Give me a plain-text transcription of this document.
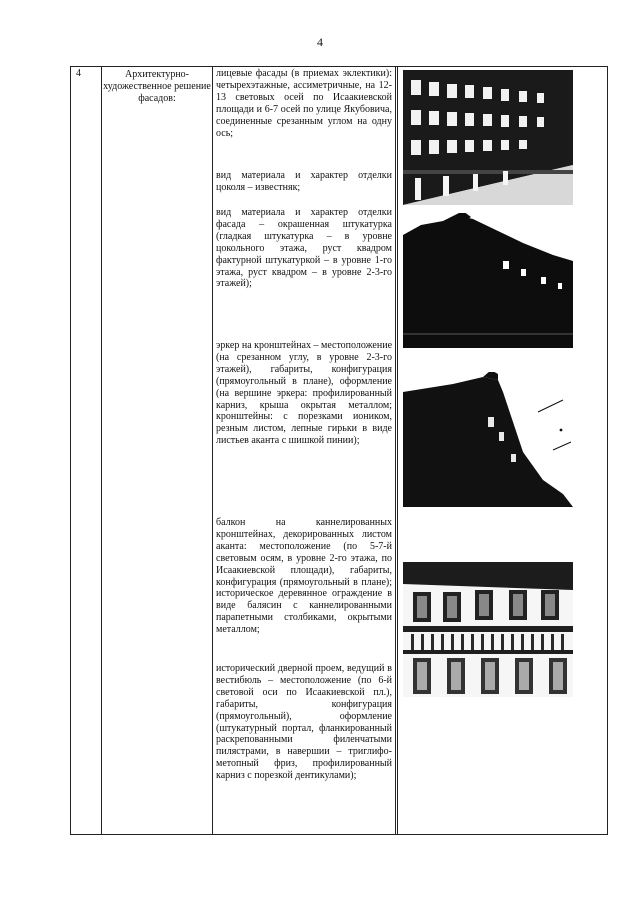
4
4	Архитектурно-художественное решение фасадов:
лицевые фасады (в приемах эклектики): четырехэтажные, ассиметричные, на 12-13 световых осей по Исаакиевской площади и 6-7 осей по улице Якубовича, соединенные срезанным углом на одну ось;
вид материала и характер отделки цоколя – известняк;
вид материала и характер отделки фасада – окрашенная штукатурка (гладкая штукатурка – в уровне цокольного этажа, руст квадром фактурной штукатуркой – в уровне 1-го этажа, руст квадром – в уровне 2-3-го этажей);
эркер на кронштейнах – местоположение (на срезанном углу, в уровне 2-3-го этажей), габариты, конфигурация (прямоугольный в плане), оформление (на вершине эркера: профилированный карниз, крыша окрытая металлом; кронштейны: с порезками иоником, резным листом, лепные гирьки в виде листьев аканта с шишкой пинии);
балкон на каннелированных кронштейнах, декорированных листом аканта: местоположение (по 5-7-й световым осям, в уровне 2-го этажа, по Исаакиевской площади), габариты, конфигурация (прямоугольный в плане); историческое деревянное ограждение в виде балясин с каннелированными парапетными столбиками, окрытыми металлом;
исторический дверной проем, ведущий в вестибюль – местоположение (по 6-й световой оси по Исаакиевской пл.), габариты, конфигурация (прямоугольный), оформление (штукатурный портал, фланкированный раскрепованными филенчатыми пилястрами, в навершии – триглифо-метопный фриз, профилированный карниз с порезкой дентикулами);
